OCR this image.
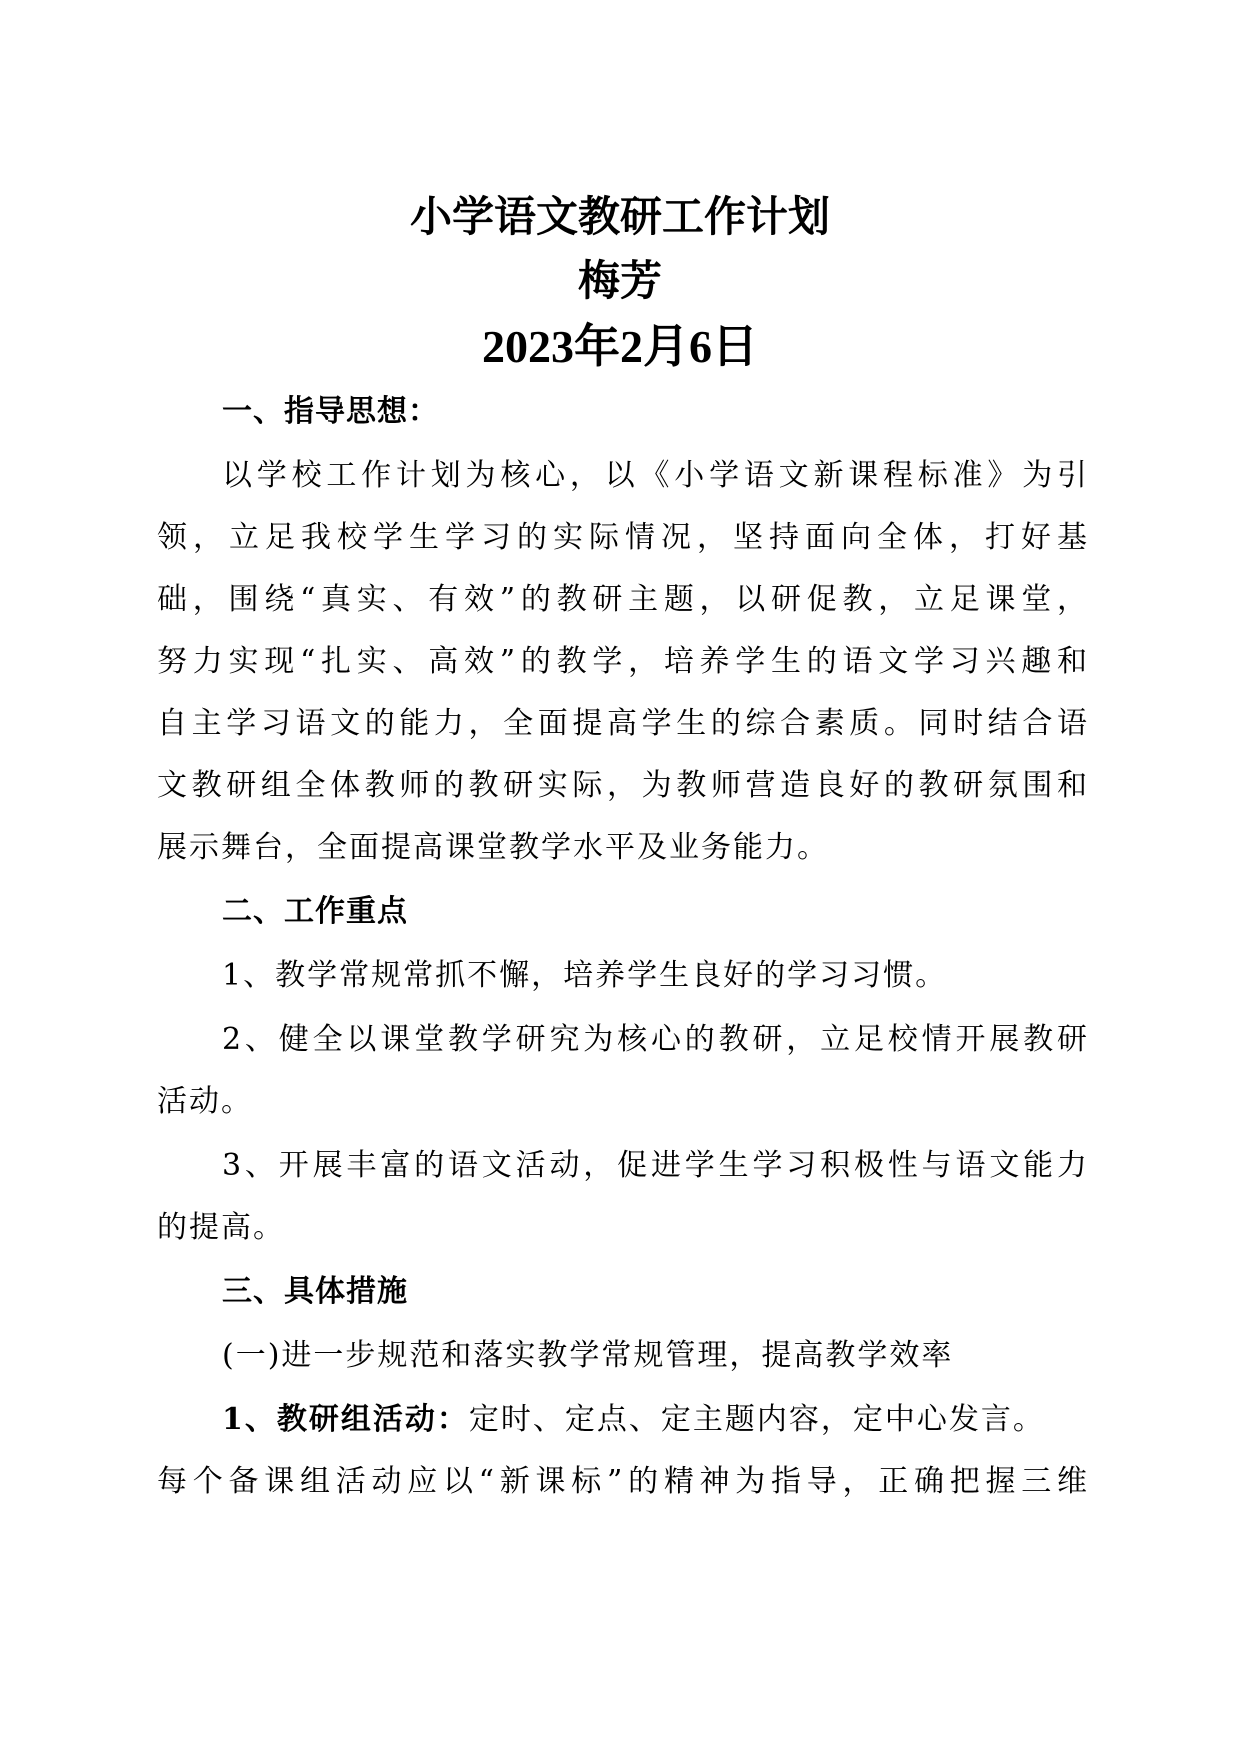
小学语文教研工作计划
梅芳
2023年2月6日
一、指导思想：
以学校工作计划为核心，以《小学语文新课程标准》为引
领，立足我校学生学习的实际情况，坚持面向全体，打好基
础，围绕“真实、有效”的教研主题，以研促教，立足课堂，
努力实现“扎实、高效”的教学，培养学生的语文学习兴趣和
自主学习语文的能力，全面提高学生的综合素质。同时结合语
文教研组全体教师的教研实际，为教师营造良好的教研氛围和
展示舞台，全面提高课堂教学水平及业务能力。
二、工作重点
1、教学常规常抓不懈，培养学生良好的学习习惯。
2、健全以课堂教学研究为核心的教研，立足校情开展教研
活动。
3、开展丰富的语文活动，促进学生学习积极性与语文能力
的提高。
三、具体措施
(一)进一步规范和落实教学常规管理，提高教学效率
1、教研组活动：定时、定点、定主题内容，定中心发言。
每个备课组活动应以“新课标”的精神为指导，正确把握三维
